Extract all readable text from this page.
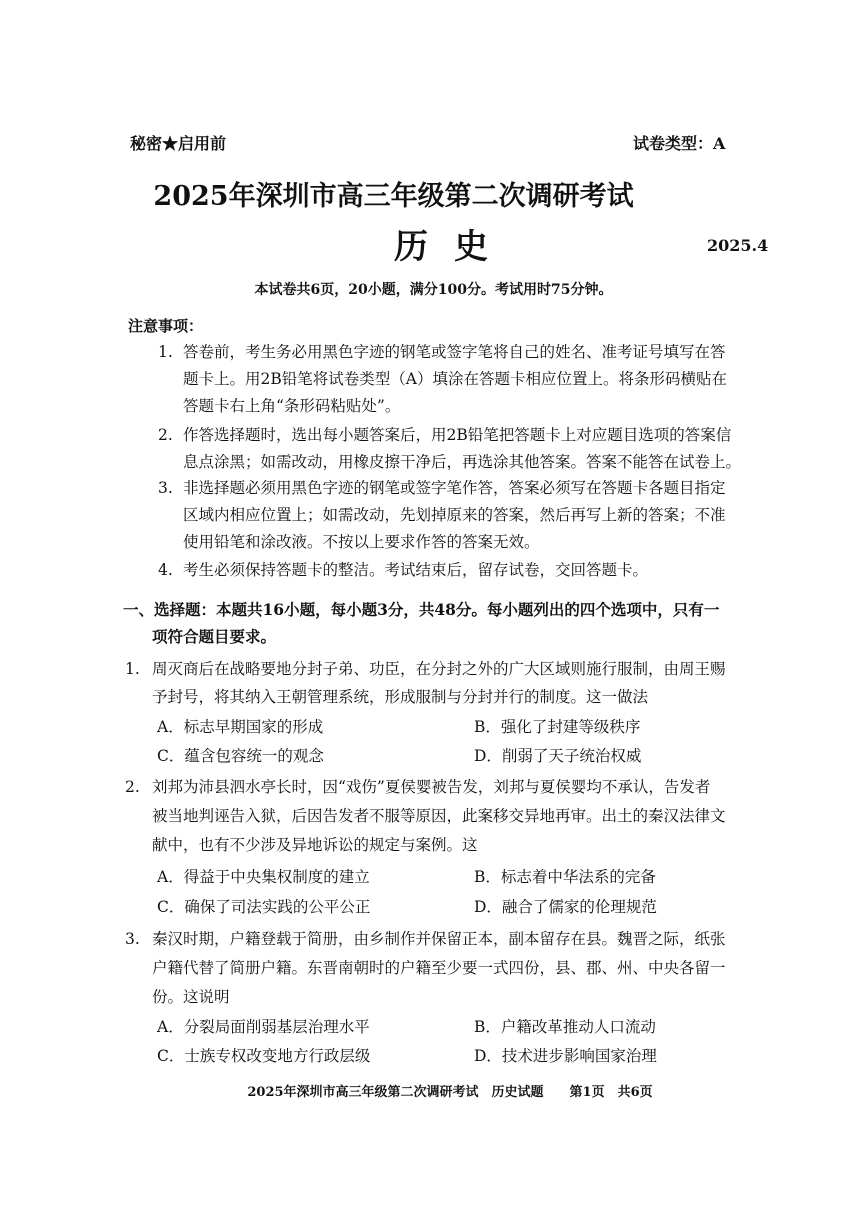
秘密★启用前	试卷类型：A
2025年深圳市高三年级第二次调研考试
历史	2025.4
本试卷共6页，20小题，满分100分。考试用时75分钟。
注意事项：
1. 答卷前，考生务必用黑色字迹的钢笔或签字笔将自己的姓名、准考证号填写在答
题卡上。用2B铅笔将试卷类型（A）填涂在答题卡相应位置上。将条形码横贴在
答题卡右上角“条形码粘贴处”。
2. 作答选择题时，选出每小题答案后，用2B铅笔把答题卡上对应题目选项的答案信
息点涂黑；如需改动，用橡皮擦干净后，再选涂其他答案。答案不能答在试卷上。
3. 非选择题必须用黑色字迹的钢笔或签字笔作答，答案必须写在答题卡各题目指定
区域内相应位置上；如需改动，先划掉原来的答案，然后再写上新的答案；不准
使用铅笔和涂改液。不按以上要求作答的答案无效。
4. 考生必须保持答题卡的整洁。考试结束后，留存试卷，交回答题卡。
一、选择题：本题共16小题，每小题3分，共48分。每小题列出的四个选项中，只有一
项符合题目要求。
1. 周灭商后在战略要地分封子弟、功臣，在分封之外的广大区域则施行服制，由周王赐
予封号，将其纳入王朝管理系统，形成服制与分封并行的制度。这一做法
A．标志早期国家的形成	B．强化了封建等级秩序
C．蕴含包容统一的观念	D．削弱了天子统治权威
2. 刘邦为沛县泗水亭长时，因“戏伤”夏侯婴被告发，刘邦与夏侯婴均不承认，告发者
被当地判诬告入狱，后因告发者不服等原因，此案移交异地再审。出土的秦汉法律文
献中，也有不少涉及异地诉讼的规定与案例。这
A．得益于中央集权制度的建立	B．标志着中华法系的完备
C．确保了司法实践的公平公正	D．融合了儒家的伦理规范
3. 秦汉时期，户籍登载于简册，由乡制作并保留正本，副本留存在县。魏晋之际，纸张
户籍代替了简册户籍。东晋南朝时的户籍至少要一式四份，县、郡、州、中央各留一
份。这说明
A．分裂局面削弱基层治理水平	B．户籍改革推动人口流动
C．士族专权改变地方行政层级	D．技术进步影响国家治理
2025年深圳市高三年级第二次调研考试　历史试题　　第1页　共6页
